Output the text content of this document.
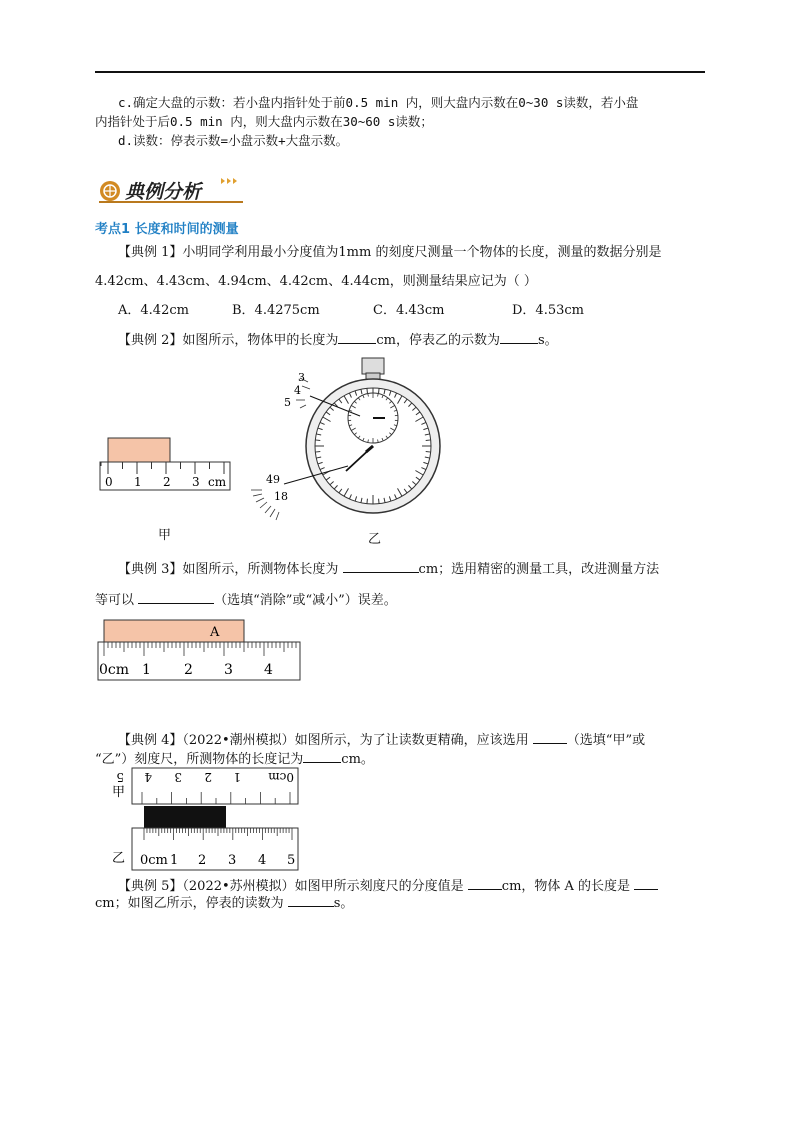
c.确定大盘的示数：若小盘内指针处于前0.5 min 内，则大盘内示数在0~30 s读数，若小盘
内指针处于后0.5 min 内，则大盘内示数在30~60 s读数；
d.读数：停表示数=小盘示数+大盘示数。
典例分析
考点1 长度和时间的测量
【典例 1】小明同学利用最小分度值为1mm 的刻度尺测量一个物体的长度，测量的数据分别是
4.42cm、4.43cm、4.94cm、4.42cm、4.44cm，则测量结果应记为（ ）
A．4.42cm	B．4.4275cm	C．4.43cm	D．4.53cm
【典例 2】如图所示，物体甲的长度为	cm，停表乙的示数为	s。
0 1 2 3 cm
甲
3
4
5
49
18
乙
【典例 3】如图所示，所测物体长度为	cm；选用精密的测量工具，改进测量方法
等可以	（选填“消除”或“减小”）误差。
A
0cm 1 2 3 4
【典例 4】（2022•潮州模拟）如图所示，为了让读数更精确，应该选用	（选填“甲”或
“乙”）刻度尺，所测物体的长度记为	cm。
甲
乙
0cm
1
2
3
4
5
0cm 1 2 3 4 5
【典例 5】（2022•苏州模拟）如图甲所示刻度尺的分度值是	cm，物体 A 的长度是
cm；如图乙所示，停表的读数为	s。
